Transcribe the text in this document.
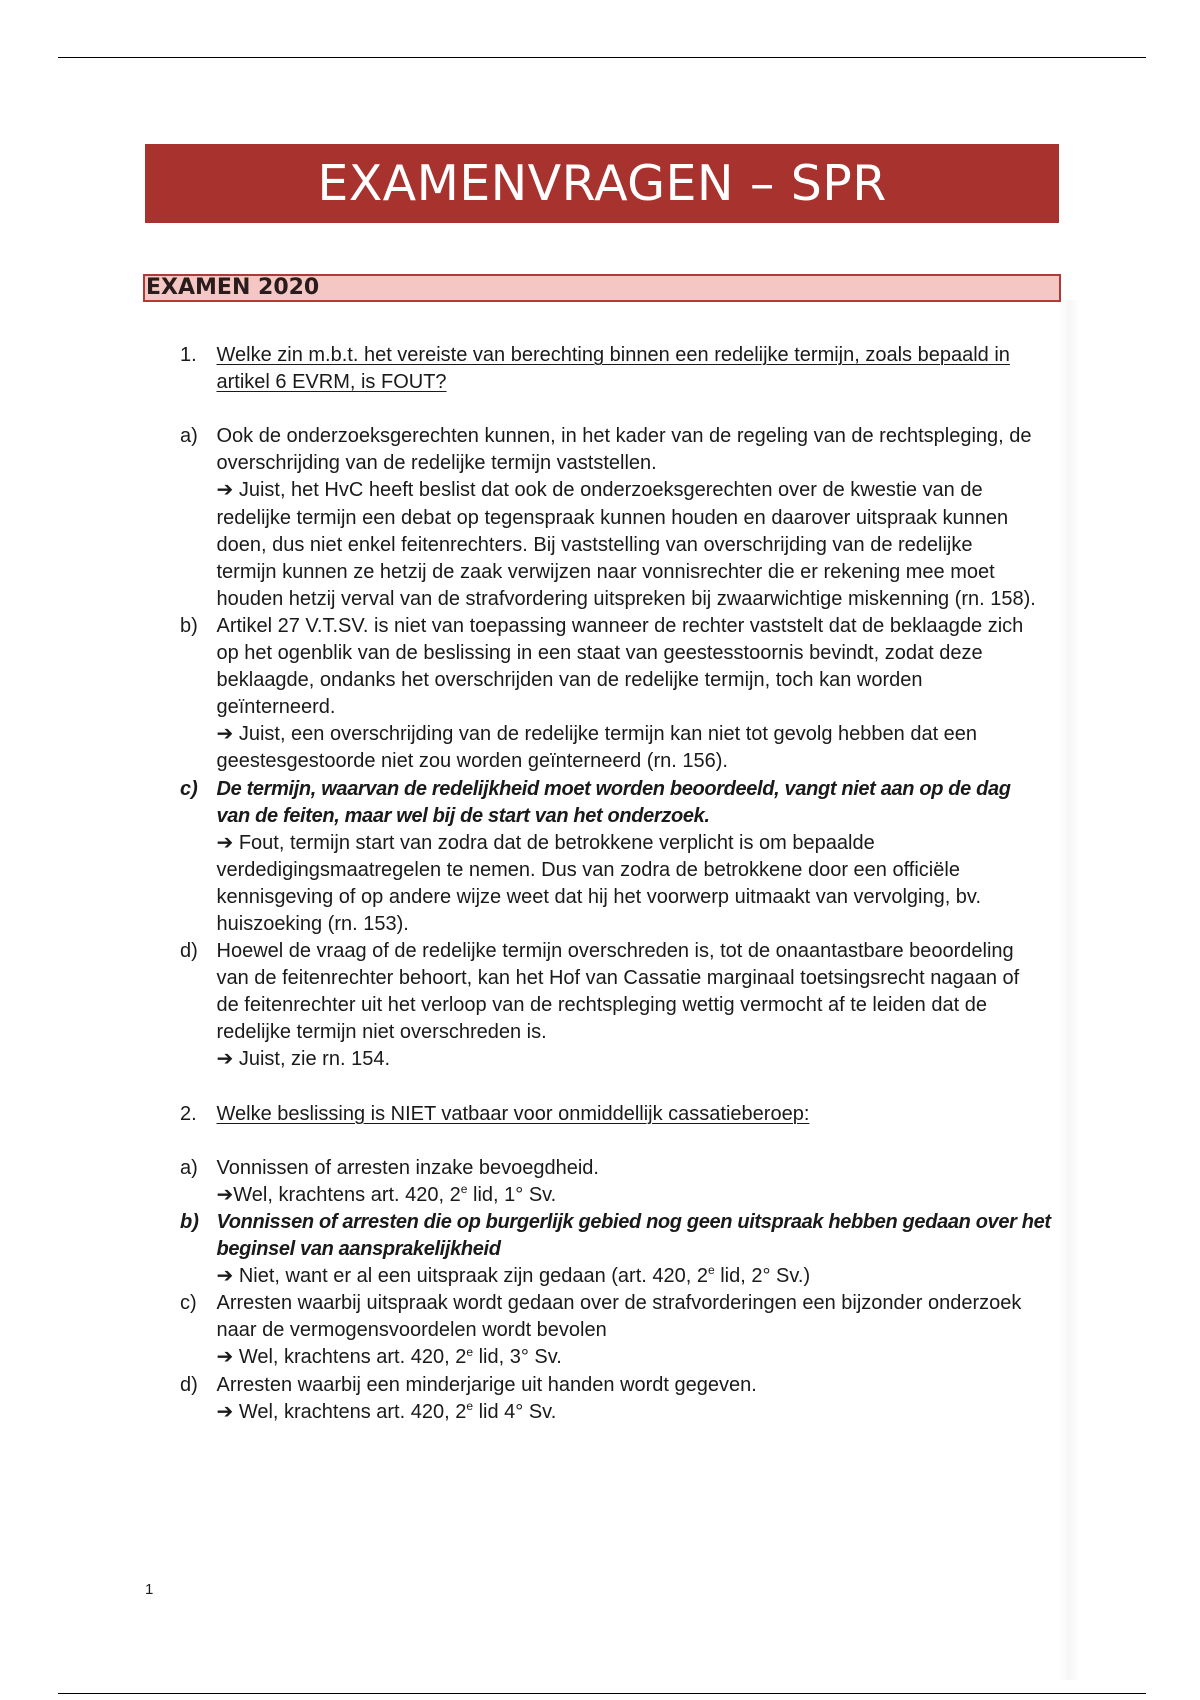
EXAMENVRAGEN – SPR
EXAMEN 2020
1. Welke zin m.b.t. het vereiste van berechting binnen een redelijke termijn, zoals bepaald in
artikel 6 EVRM, is FOUT?
a) Ook de onderzoeksgerechten kunnen, in het kader van de regeling van de rechtspleging, de
overschrijding van de redelijke termijn vaststellen.
➔ Juist, het HvC heeft beslist dat ook de onderzoeksgerechten over de kwestie van de
redelijke termijn een debat op tegenspraak kunnen houden en daarover uitspraak kunnen
doen, dus niet enkel feitenrechters. Bij vaststelling van overschrijding van de redelijke
termijn kunnen ze hetzij de zaak verwijzen naar vonnisrechter die er rekening mee moet
houden hetzij verval van de strafvordering uitspreken bij zwaarwichtige miskenning (rn. 158).
b) Artikel 27 V.T.SV. is niet van toepassing wanneer de rechter vaststelt dat de beklaagde zich
op het ogenblik van de beslissing in een staat van geestesstoornis bevindt, zodat deze
beklaagde, ondanks het overschrijden van de redelijke termijn, toch kan worden
geïnterneerd.
➔ Juist, een overschrijding van de redelijke termijn kan niet tot gevolg hebben dat een
geestesgestoorde niet zou worden geïnterneerd (rn. 156).
c) De termijn, waarvan de redelijkheid moet worden beoordeeld, vangt niet aan op de dag
van de feiten, maar wel bij de start van het onderzoek.
➔ Fout, termijn start van zodra dat de betrokkene verplicht is om bepaalde
verdedigingsmaatregelen te nemen. Dus van zodra de betrokkene door een officiële
kennisgeving of op andere wijze weet dat hij het voorwerp uitmaakt van vervolging, bv.
huiszoeking (rn. 153).
d) Hoewel de vraag of de redelijke termijn overschreden is, tot de onaantastbare beoordeling
van de feitenrechter behoort, kan het Hof van Cassatie marginaal toetsingsrecht nagaan of
de feitenrechter uit het verloop van de rechtspleging wettig vermocht af te leiden dat de
redelijke termijn niet overschreden is.
➔ Juist, zie rn. 154.
2. Welke beslissing is NIET vatbaar voor onmiddellijk cassatieberoep:
a) Vonnissen of arresten inzake bevoegdheid.
➔Wel, krachtens art. 420, 2e lid, 1° Sv.
b) Vonnissen of arresten die op burgerlijk gebied nog geen uitspraak hebben gedaan over het
beginsel van aansprakelijkheid
➔ Niet, want er al een uitspraak zijn gedaan (art. 420, 2e lid, 2° Sv.)
c) Arresten waarbij uitspraak wordt gedaan over de strafvorderingen een bijzonder onderzoek
naar de vermogensvoordelen wordt bevolen
➔ Wel, krachtens art. 420, 2e lid, 3° Sv.
d) Arresten waarbij een minderjarige uit handen wordt gegeven.
➔ Wel, krachtens art. 420, 2e lid 4° Sv.
1
